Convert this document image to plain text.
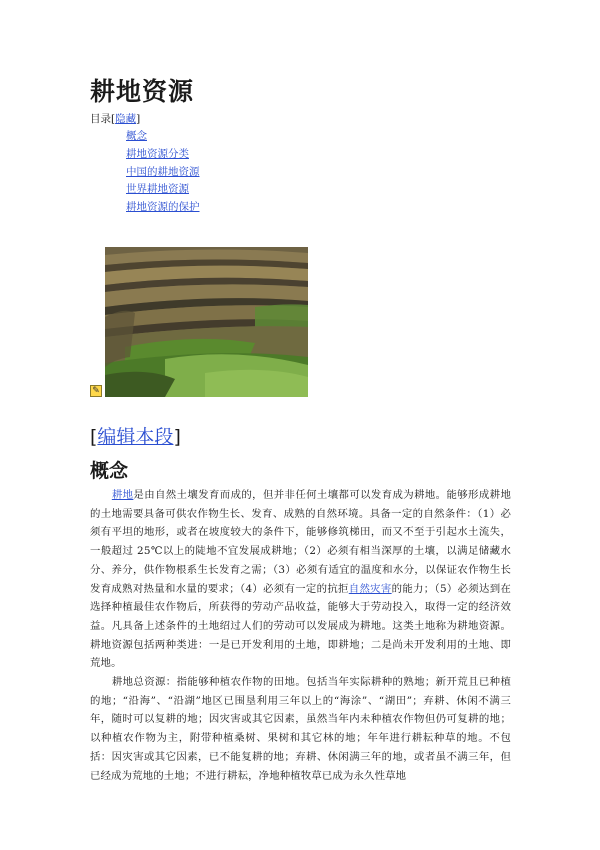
耕地资源
目录[隐藏]
概念
耕地资源分类
中国的耕地资源
世界耕地资源
耕地资源的保护
✎
[编辑本段]
概念

耕地是由自然土壤发育而成的，但并非任何土壤都可以发育成为耕地。能够形成耕地的土地需要具备可供农作物生长、发育、成熟的自然环境。具备一定的自然条件：（1）必须有平坦的地形，或者在坡度较大的条件下，能够修筑梯田，而又不至于引起水土流失，一般超过 25℃以上的陡地不宜发展成耕地；（2）必须有相当深厚的土壤，以满足储藏水分、养分，供作物根系生长发育之需；（3）必须有适宜的温度和水分，以保证农作物生长发育成熟对热量和水量的要求；（4）必须有一定的抗拒自然灾害的能力；（5）必须达到在选择种植最佳农作物后，所获得的劳动产品收益，能够大于劳动投入，取得一定的经济效益。凡具备上述条件的土地绍过人们的劳动可以发展成为耕地。这类土地称为耕地资源。耕地资源包括两种类进：一是已开发利用的土地，即耕地；二是尚未开发利用的土地、即荒地。

耕地总资源：指能够种植农作物的田地。包括当年实际耕种的熟地；新开荒且已种植的地；“沿海”、“沿湖”地区已围垦利用三年以上的“海涂”、“湖田”；弃耕、休闲不满三年，随时可以复耕的地；因灾害或其它因素，虽然当年内未种植农作物但仍可复耕的地；以种植农作物为主，附带种植桑树、果树和其它林的地；年年进行耕耘种草的地。不包括：因灾害或其它因素，已不能复耕的地；弃耕、休闲满三年的地，或者虽不满三年，但已经成为荒地的土地；不进行耕耘，净地种植牧草已成为永久性草地
